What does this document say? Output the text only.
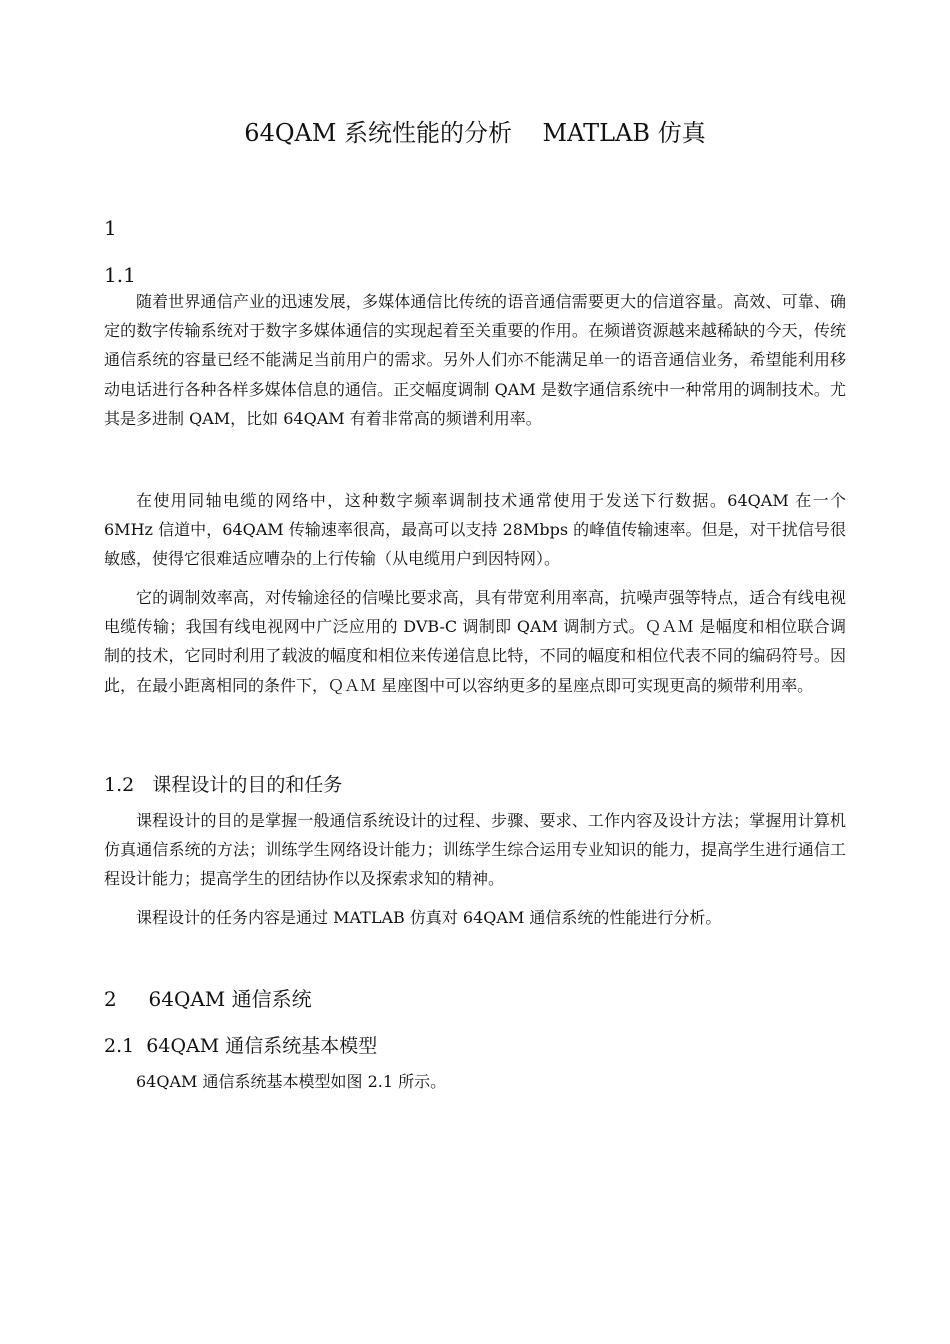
64QAM 系统性能的分析    MATLAB 仿真
1
1.1

随着世界通信产业的迅速发展，多媒体通信比传统的语音通信需要更大的信道容量。高效、可靠、确定的数字传输系统对于数字多媒体通信的实现起着至关重要的作用。在频谱资源越来越稀缺的今天，传统通信系统的容量已经不能满足当前用户的需求。另外人们亦不能满足单一的语音通信业务，希望能利用移动电话进行各种各样多媒体信息的通信。正交幅度调制 QAM 是数字通信系统中一种常用的调制技术。尤其是多进制 QAM，比如 64QAM 有着非常高的频谱利用率。

在使用同轴电缆的网络中，这种数字频率调制技术通常使用于发送下行数据。64QAM 在一个 6MHz 信道中，64QAM 传输速率很高，最高可以支持 28Mbps 的峰值传输速率。但是，对干扰信号很敏感，使得它很难适应嘈杂的上行传输（从电缆用户到因特网）。

它的调制效率高，对传输途径的信噪比要求高，具有带宽利用率高，抗噪声强等特点，适合有线电视电缆传输；我国有线电视网中广泛应用的 DVB-C 调制即 QAM 调制方式。ＱＡＭ 是幅度和相位联合调制的技术，它同时利用了载波的幅度和相位来传递信息比特，不同的幅度和相位代表不同的编码符号。因此，在最小距离相同的条件下，ＱＡＭ 星座图中可以容纳更多的星座点即可实现更高的频带利用率。

1.2   课程设计的目的和任务

课程设计的目的是掌握一般通信系统设计的过程、步骤、要求、工作内容及设计方法；掌握用计算机仿真通信系统的方法；训练学生网络设计能力；训练学生综合运用专业知识的能力，提高学生进行通信工程设计能力；提高学生的团结协作以及探索求知的精神。

课程设计的任务内容是通过 MATLAB 仿真对 64QAM 通信系统的性能进行分析。

2     64QAM 通信系统
2.1  64QAM 通信系统基本模型

64QAM 通信系统基本模型如图 2.1 所示。
